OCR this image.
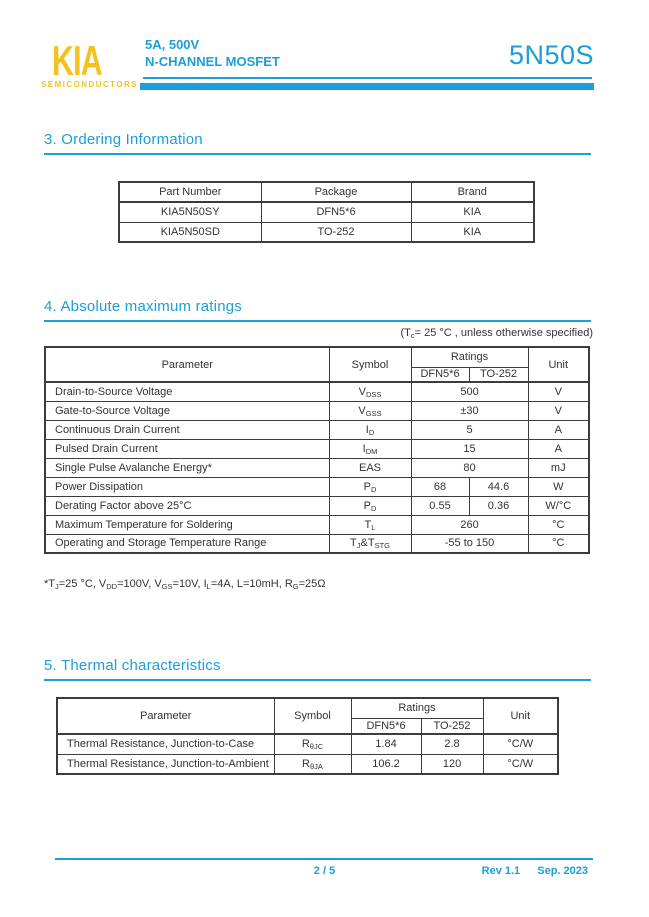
KIA
SEMICONDUCTORS
5A, 500V
N-CHANNEL MOSFET	5N50S
3. Ordering Information
Part Number	Package	Brand
KIA5N50SY	DFN5*6	KIA
KIA5N50SD	TO-252	KIA
4. Absolute maximum ratings
($T_c= 25$ °C , unless otherwise specified)
Parameter	Symbol	Ratings		Unit
		DFN5*6	TO-252	
Drain-to-Source Voltage	$V_{DSS}$	500		V
Gate-to-Source Voltage	$V_{GSS}$	±30		V
Continuous Drain Current	$I_D$	5		A
Pulsed Drain Current	$I_{DM}$	15		A
Single Pulse Avalanche Energy*	EAS	80		mJ
Power Dissipation	$P_D$	68	44.6	W
Derating Factor above 25°C	$P_D$	0.55	0.36	W/°C
Maximum Temperature for Soldering	$T_L$	260		°C
Operating and Storage Temperature Range	$T_J\&T_{STG}$	-55 to 150		°C
$*T_J=25$ °C, $V_{DD}=100V$, $V_{GS}=10V$, $I_L=4A$, L=10mH, $R_G=25\Omega$
5. Thermal characteristics
Parameter	Symbol	Ratings		Unit
		DFN5*6	TO-252	
Thermal Resistance, Junction-to-Case	$R_{\theta JC}$	1.84	2.8	°C/W
Thermal Resistance, Junction-to-Ambient	$R_{\theta JA}$	106.2	120	°C/W
2 / 5	Rev 1.1 Sep. 2023
